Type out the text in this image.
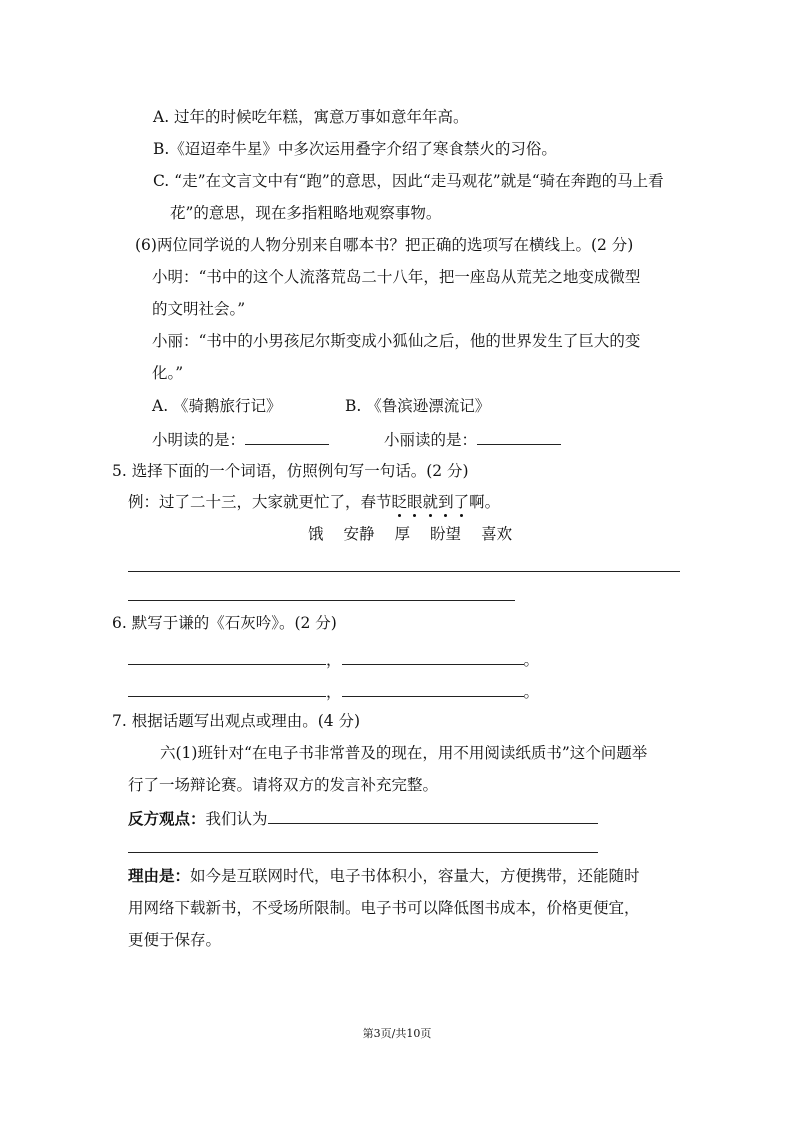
A. 过年的时候吃年糕，寓意万事如意年年高。
B.《迢迢牵牛星》中多次运用叠字介绍了寒食禁火的习俗。
C. “走”在文言文中有“跑”的意思，因此“走马观花”就是“骑在奔跑的马上看
花”的意思，现在多指粗略地观察事物。
(6)两位同学说的人物分别来自哪本书？把正确的选项写在横线上。(2 分)
小明：“书中的这个人流落荒岛二十八年，把一座岛从荒芜之地变成微型
的文明社会。”
小丽：“书中的小男孩尼尔斯变成小狐仙之后，他的世界发生了巨大的变
化。”
A. 《骑鹅旅行记》	B. 《鲁滨逊漂流记》
小明读的是：	小丽读的是：
5. 选择下面的一个词语，仿照例句写一句话。(2 分)
例：过了二十三，大家就更忙了，春节眨眼就到了啊。
饿 安静 厚 盼望 喜欢
6. 默写于谦的《石灰吟》。(2 分)
，	。
，	。
7. 根据话题写出观点或理由。(4 分)
六(1)班针对“在电子书非常普及的现在，用不用阅读纸质书”这个问题举
行了一场辩论赛。请将双方的发言补充完整。
反方观点：我们认为
理由是：如今是互联网时代，电子书体积小，容量大，方便携带，还能随时
用网络下载新书，不受场所限制。电子书可以降低图书成本，价格更便宜，
更便于保存。
第3页/共10页
